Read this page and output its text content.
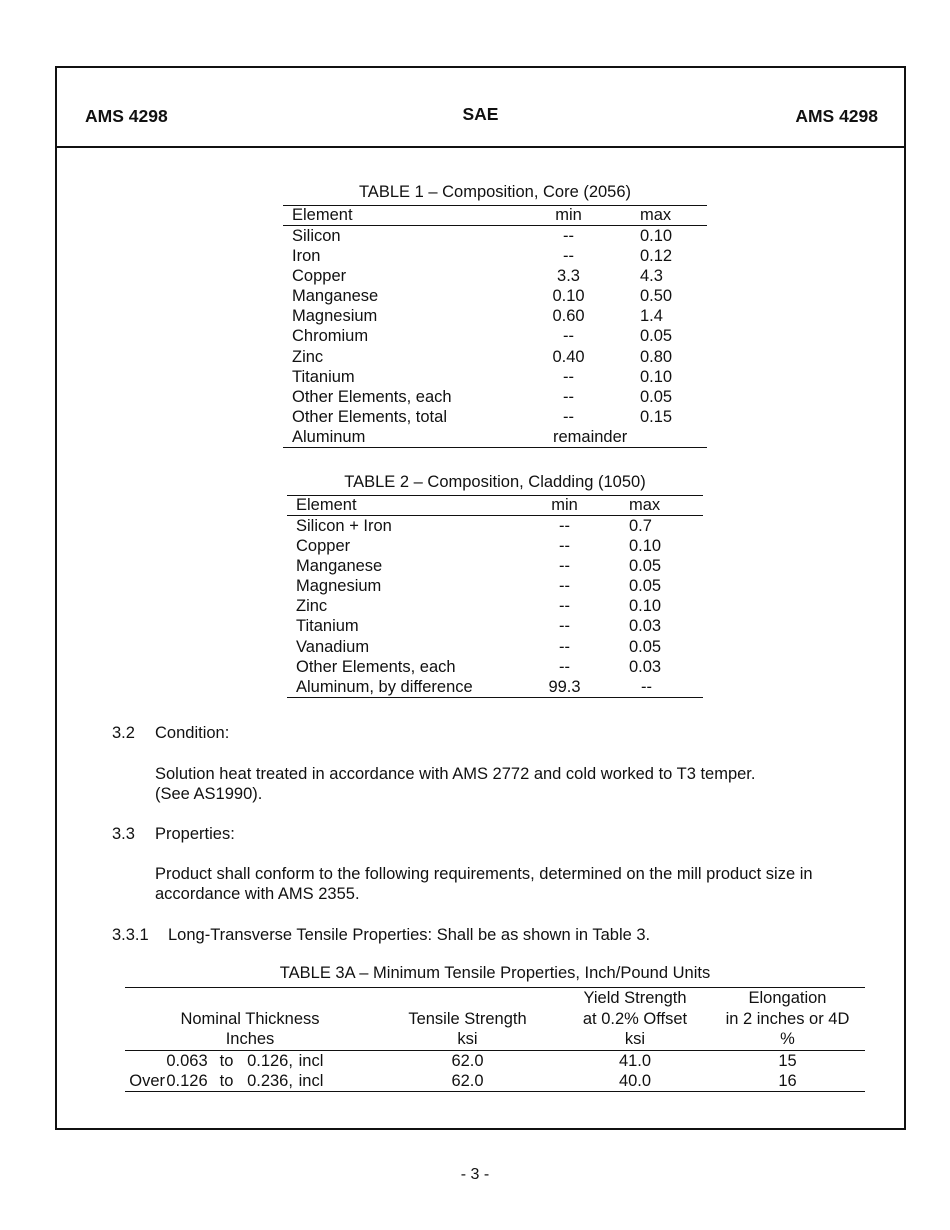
AMS 4298	SAE	AMS 4298
TABLE 1 – Composition, Core (2056)
Element	min	max
Silicon	--	0.10
Iron	--	0.12
Copper	3.3	4.3
Manganese	0.10	0.50
Magnesium	0.60	1.4
Chromium	--	0.05
Zinc	0.40	0.80
Titanium	--	0.10
Other Elements, each	--	0.05
Other Elements, total	--	0.15
Aluminum	remainder	
TABLE 2 – Composition, Cladding (1050)
Element	min	max
Silicon + Iron	--	0.7
Copper	--	0.10
Manganese	--	0.05
Magnesium	--	0.05
Zinc	--	0.10
Titanium	--	0.03
Vanadium	--	0.05
Other Elements, each	--	0.03
Aluminum, by difference	99.3	--
3.2 Condition:
Solution heat treated in accordance with AMS 2772 and cold worked to T3 temper.
(See AS1990).
3.3 Properties:
Product shall conform to the following requirements, determined on the mill product size in
accordance with AMS 2355.
3.3.1 Long-Transverse Tensile Properties: Shall be as shown in Table 3.
TABLE 3A – Minimum Tensile Properties, Inch/Pound Units
		Yield Strength	Elongation
Nominal Thickness	Tensile Strength	at 0.2% Offset	in 2 inches or 4D
Inches	ksi	ksi	%
0.063 to 0.126, incl	62.0	41.0	15
Over0.126 to 0.236, incl	62.0	40.0	16
- 3 -
